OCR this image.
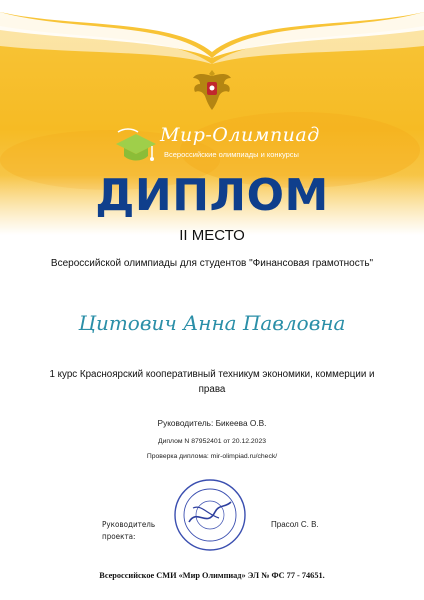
Мир-Олимпиад
Всероссийские олимпиады и конкурсы
ДИПЛОМ
II МЕСТО
Всероссийской олимпиады для студентов "Финансовая грамотность"
Цитович Анна Павловна
1 курс Красноярский кооперативный техникум экономики, коммерции и права
Руководитель: Бикеева О.В.
Диплом N 87952401 от 20.12.2023
Проверка диплома: mir-olimpiad.ru/check/
Руководитель проекта:
Прасол С. В.
Всероссийское СМИ «Мир Олимпиад» ЭЛ № ФС 77 - 74651.
